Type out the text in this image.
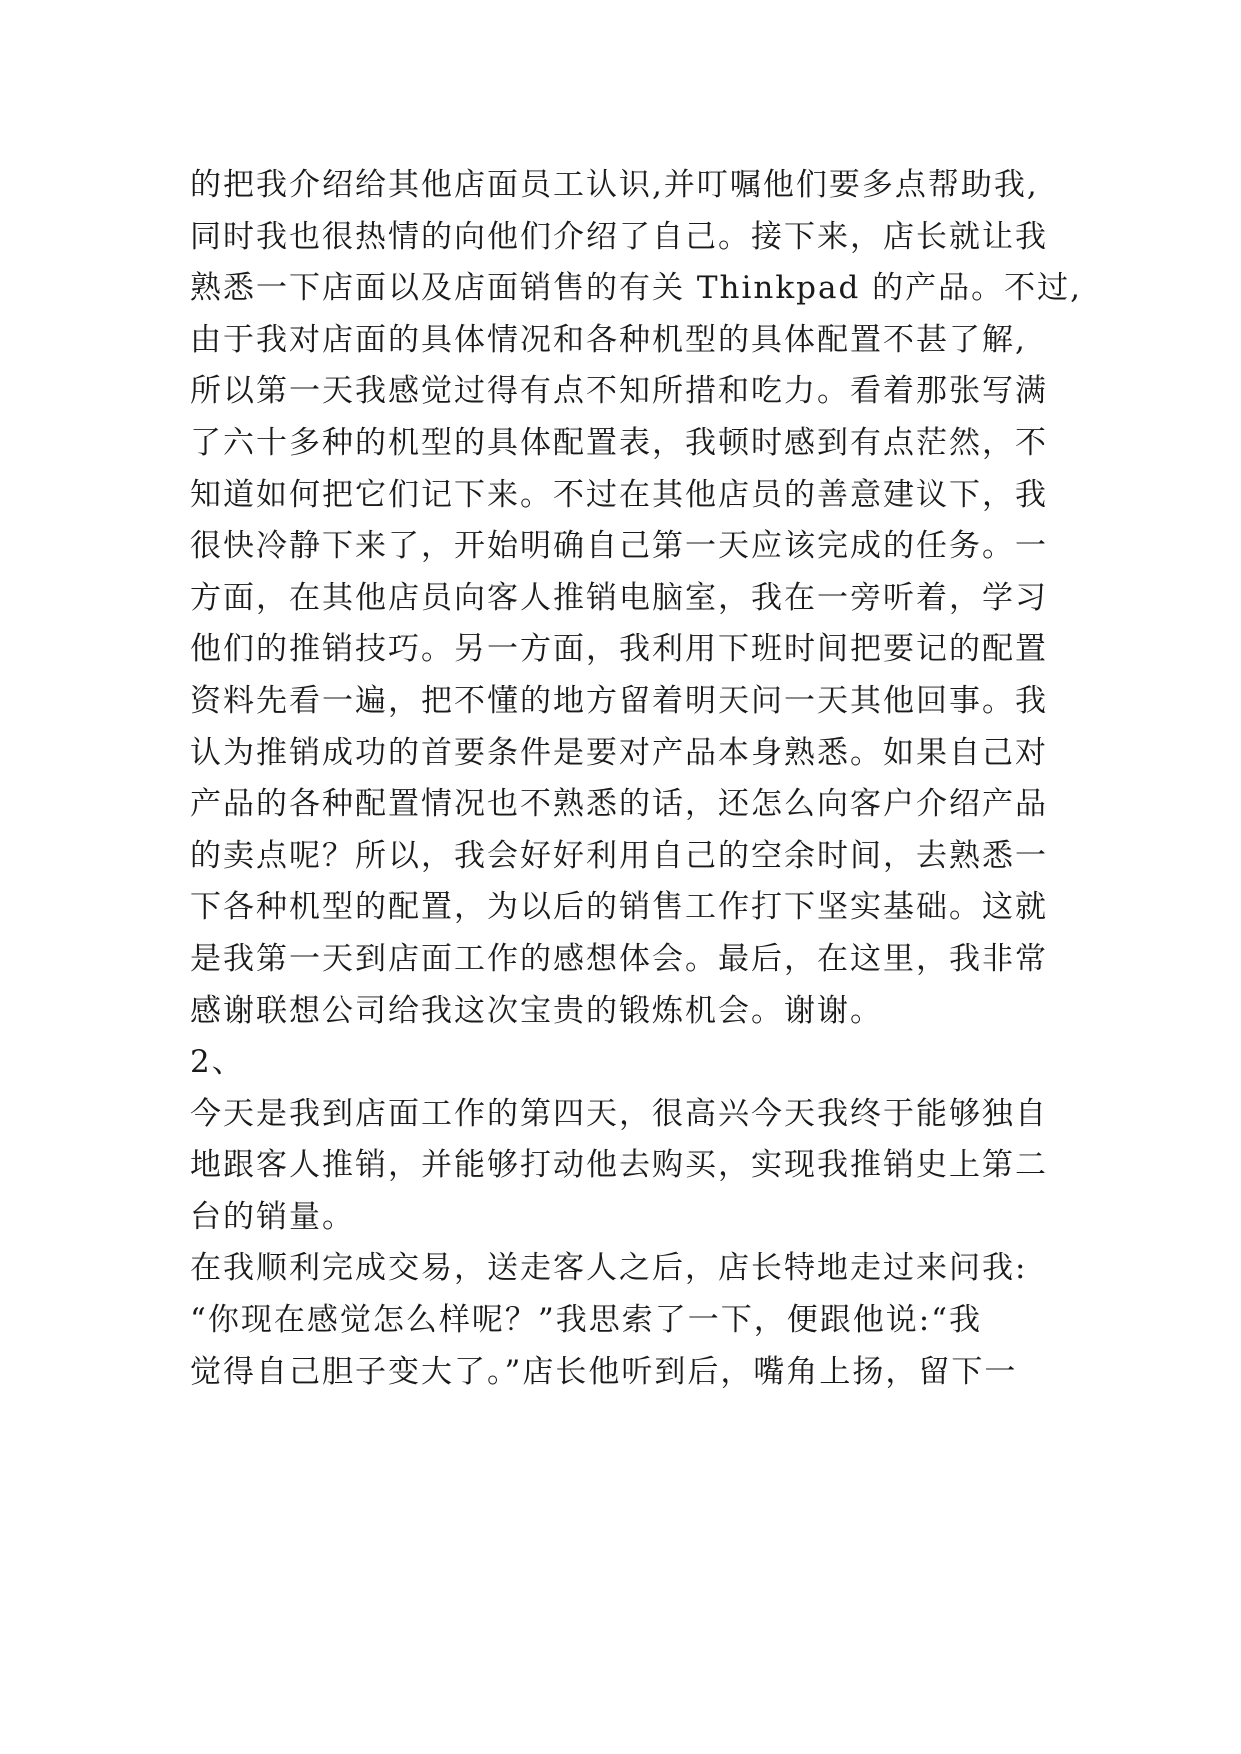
的把我介绍给其他店面员工认识,并叮嘱他们要多点帮助我,
同时我也很热情的向他们介绍了自己。接下来，店长就让我
熟悉一下店面以及店面销售的有关 Thinkpad 的产品。不过,
由于我对店面的具体情况和各种机型的具体配置不甚了解,
所以第一天我感觉过得有点不知所措和吃力。看着那张写满
了六十多种的机型的具体配置表，我顿时感到有点茫然，不
知道如何把它们记下来。不过在其他店员的善意建议下，我
很快冷静下来了，开始明确自己第一天应该完成的任务。一
方面，在其他店员向客人推销电脑室，我在一旁听着，学习
他们的推销技巧。另一方面，我利用下班时间把要记的配置
资料先看一遍，把不懂的地方留着明天问一天其他回事。我
认为推销成功的首要条件是要对产品本身熟悉。如果自己对
产品的各种配置情况也不熟悉的话，还怎么向客户介绍产品
的卖点呢？所以，我会好好利用自己的空余时间，去熟悉一
下各种机型的配置，为以后的销售工作打下坚实基础。这就
是我第一天到店面工作的感想体会。最后，在这里，我非常
感谢联想公司给我这次宝贵的锻炼机会。谢谢。
2、
今天是我到店面工作的第四天，很高兴今天我终于能够独自
地跟客人推销，并能够打动他去购买，实现我推销史上第二
台的销量。
在我顺利完成交易，送走客人之后，店长特地走过来问我:
“你现在感觉怎么样呢？”我思索了一下，便跟他说:“我
觉得自己胆子变大了。”店长他听到后，嘴角上扬，留下一
